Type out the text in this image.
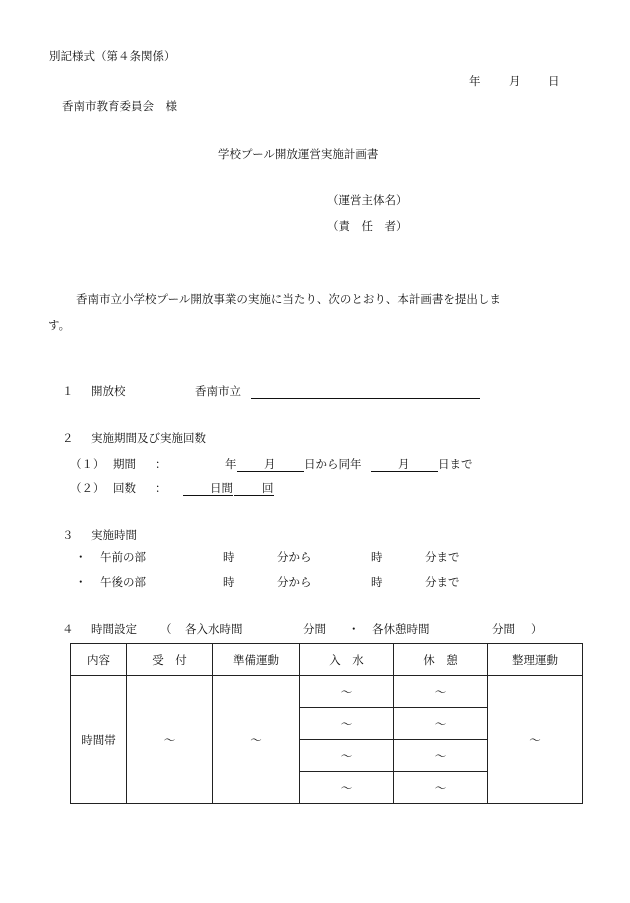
別記様式（第４条関係）
年 月 日
香南市教育委員会　様
学校プール開放運営実施計画書
（運営主体名）
（責　任　者）
香南市立小学校プール開放事業の実施に当たり、次のとおり、本計画書を提出しま
す。
１ 開放校	香南市立
２ 実施期間及び実施回数
（１） 期間 ：	年 月 日から同年	月 日まで
（２） 回数 ：	日間	回
３ 実施時間
・ 午前の部	時	分から	時	分まで
・ 午後の部	時	分から	時	分まで
４ 時間設定 （ 各入水時間	分間 ・ 各休憩時間	分間 ）
内容	受　付	準備運動	入　水	休　憩	整理運動
時間帯	～	～	～	～	～
			～	～	
			～	～	
			～	～	
